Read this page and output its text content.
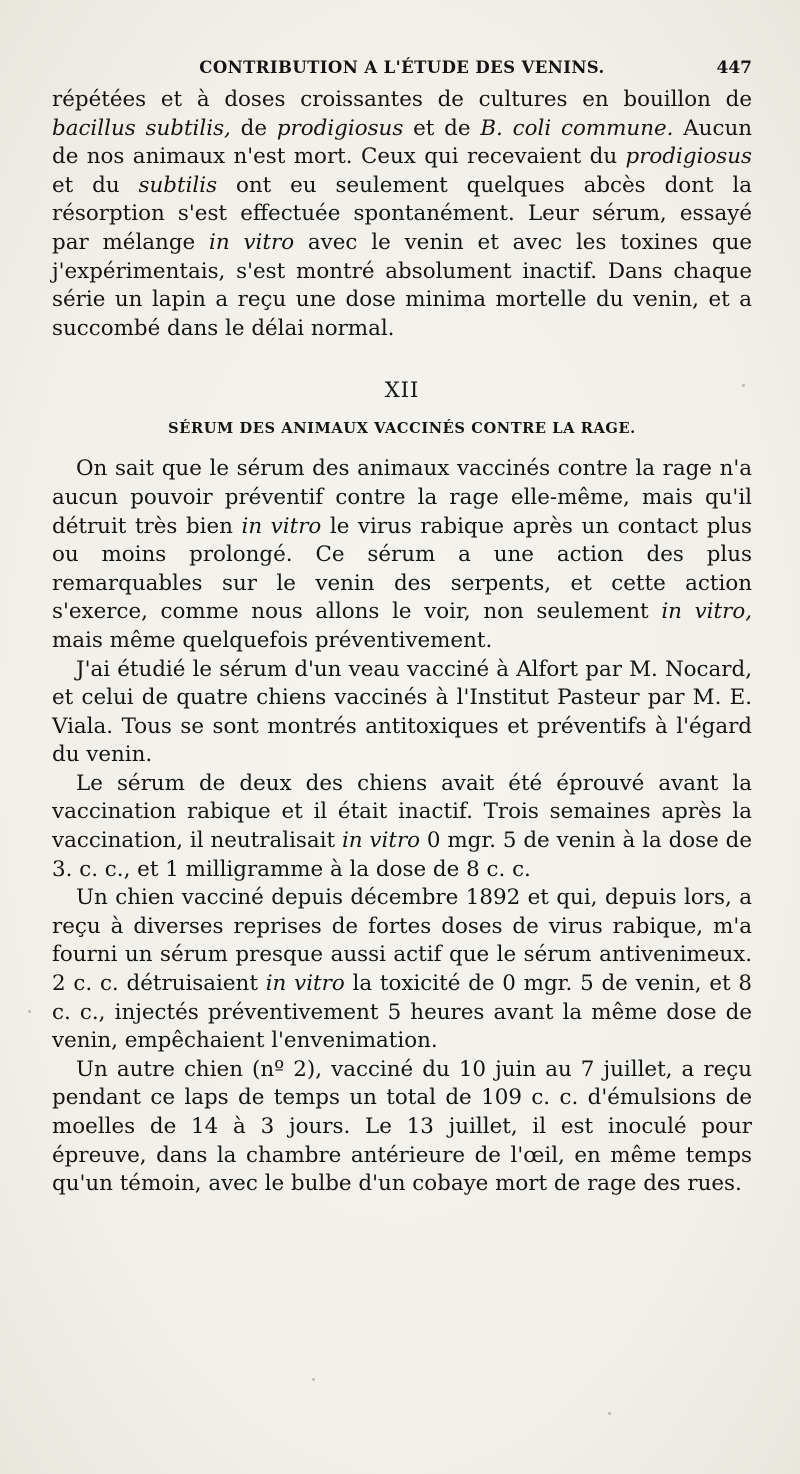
CONTRIBUTION A L'ÉTUDE DES VENINS.	447

répétées et à doses croissantes de cultures en bouillon de bacillus subtilis, de prodigiosus et de B. coli commune. Aucun de nos animaux n'est mort. Ceux qui recevaient du prodigiosus et du subtilis ont eu seulement quelques abcès dont la résorption s'est effectuée spontanément. Leur sérum, essayé par mélange in vitro avec le venin et avec les toxines que j'expérimentais, s'est montré absolument inactif. Dans chaque série un lapin a reçu une dose minima mortelle du venin, et a succombé dans le délai normal.

XII
SÉRUM DES ANIMAUX VACCINÉS CONTRE LA RAGE.

On sait que le sérum des animaux vaccinés contre la rage n'a aucun pouvoir préventif contre la rage elle-même, mais qu'il détruit très bien in vitro le virus rabique après un contact plus ou moins prolongé. Ce sérum a une action des plus remarquables sur le venin des serpents, et cette action s'exerce, comme nous allons le voir, non seulement in vitro, mais même quelquefois préventivement.

J'ai étudié le sérum d'un veau vacciné à Alfort par M. Nocard, et celui de quatre chiens vaccinés à l'Institut Pasteur par M. E. Viala. Tous se sont montrés antitoxiques et préventifs à l'égard du venin.

Le sérum de deux des chiens avait été éprouvé avant la vaccination rabique et il était inactif. Trois semaines après la vaccination, il neutralisait in vitro 0 mgr. 5 de venin à la dose de 3. c. c., et 1 milligramme à la dose de 8 c. c.

Un chien vacciné depuis décembre 1892 et qui, depuis lors, a reçu à diverses reprises de fortes doses de virus rabique, m'a fourni un sérum presque aussi actif que le sérum antivenimeux. 2 c. c. détruisaient in vitro la toxicité de 0 mgr. 5 de venin, et 8 c. c., injectés préventivement 5 heures avant la même dose de venin, empêchaient l'envenimation.

Un autre chien (nº 2), vacciné du 10 juin au 7 juillet, a reçu pendant ce laps de temps un total de 109 c. c. d'émulsions de moelles de 14 à 3 jours. Le 13 juillet, il est inoculé pour épreuve, dans la chambre antérieure de l'œil, en même temps qu'un témoin, avec le bulbe d'un cobaye mort de rage des rues.
